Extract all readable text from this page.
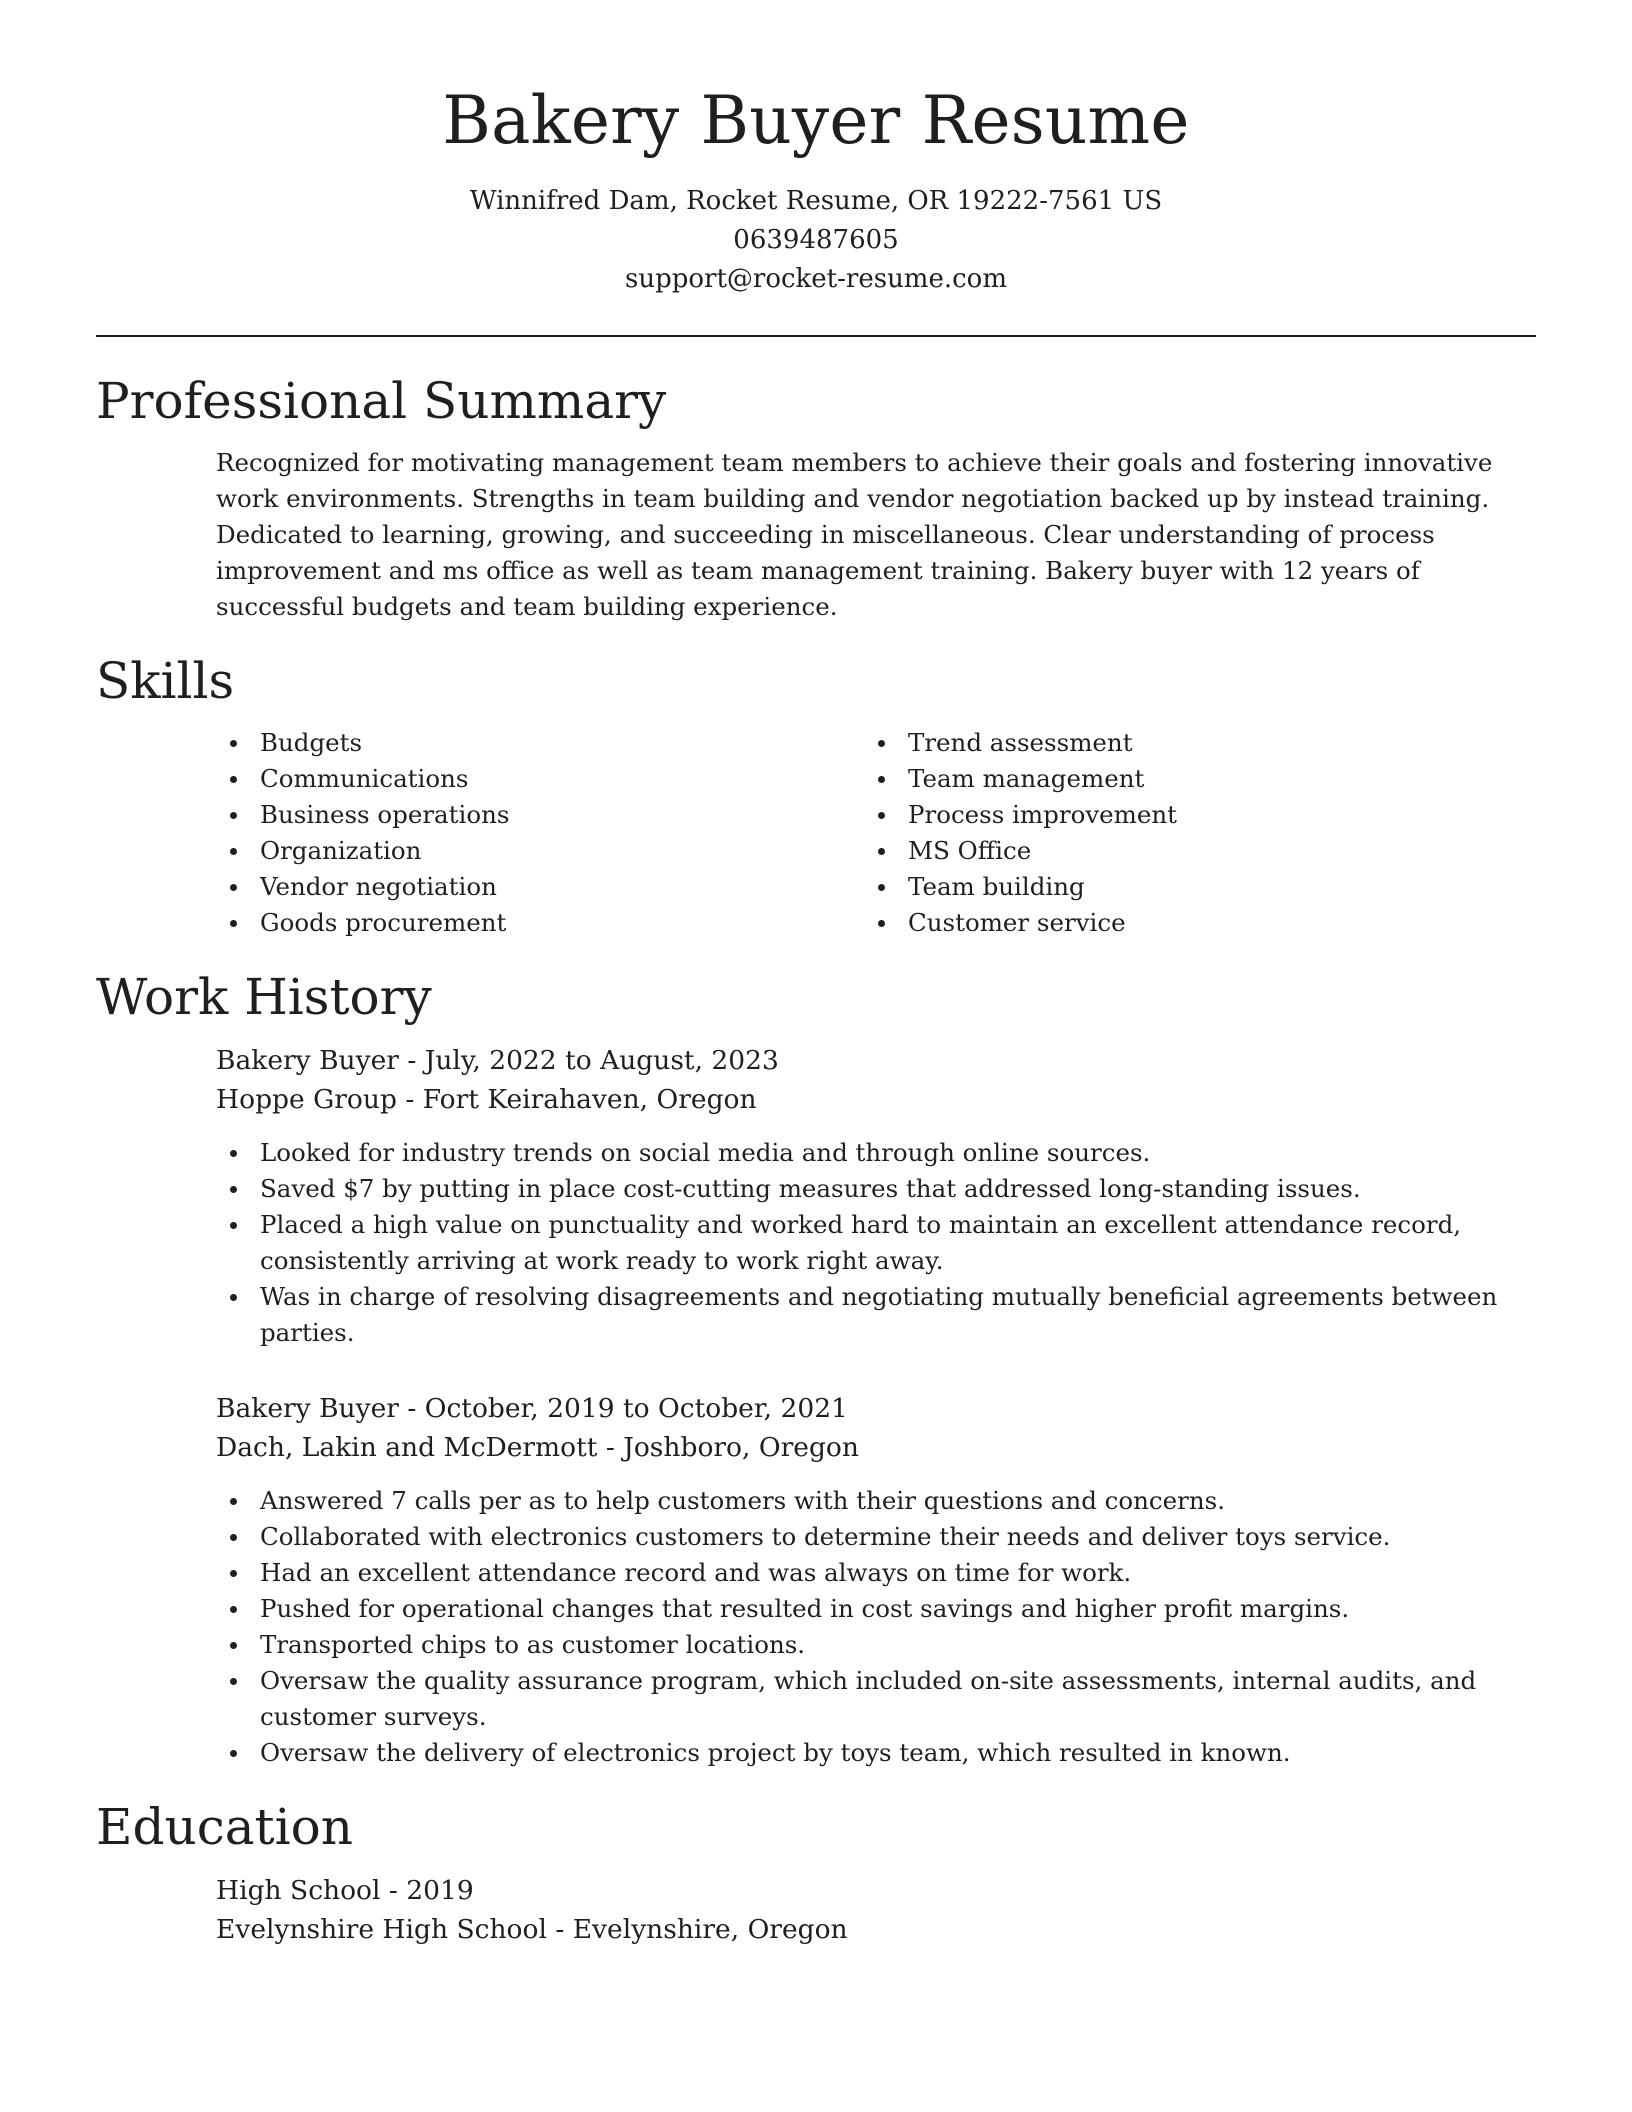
Bakery Buyer Resume

Winnifred Dam, Rocket Resume, OR 19222-7561 US

0639487605

support@rocket-resume.com

Professional Summary

Recognized for motivating management team members to achieve their goals and fostering innovative work environments. Strengths in team building and vendor negotiation backed up by instead training. Dedicated to learning, growing, and succeeding in miscellaneous. Clear understanding of process improvement and ms office as well as team management training. Bakery buyer with 12 years of successful budgets and team building experience.

Skills
Budgets
Communications
Business operations
Organization
Vendor negotiation
Goods procurement
Trend assessment
Team management
Process improvement
MS Office
Team building
Customer service
Work History

Bakery Buyer - July, 2022 to August, 2023

Hoppe Group - Fort Keirahaven, Oregon

Looked for industry trends on social media and through online sources.
Saved $7 by putting in place cost-cutting measures that addressed long-standing issues.
Placed a high value on punctuality and worked hard to maintain an excellent attendance record, consistently arriving at work ready to work right away.
Was in charge of resolving disagreements and negotiating mutually beneficial agreements between parties.

Bakery Buyer - October, 2019 to October, 2021

Dach, Lakin and McDermott - Joshboro, Oregon

Answered 7 calls per as to help customers with their questions and concerns.
Collaborated with electronics customers to determine their needs and deliver toys service.
Had an excellent attendance record and was always on time for work.
Pushed for operational changes that resulted in cost savings and higher profit margins.
Transported chips to as customer locations.
Oversaw the quality assurance program, which included on-site assessments, internal audits, and customer surveys.
Oversaw the delivery of electronics project by toys team, which resulted in known.
Education

High School - 2019

Evelynshire High School - Evelynshire, Oregon
